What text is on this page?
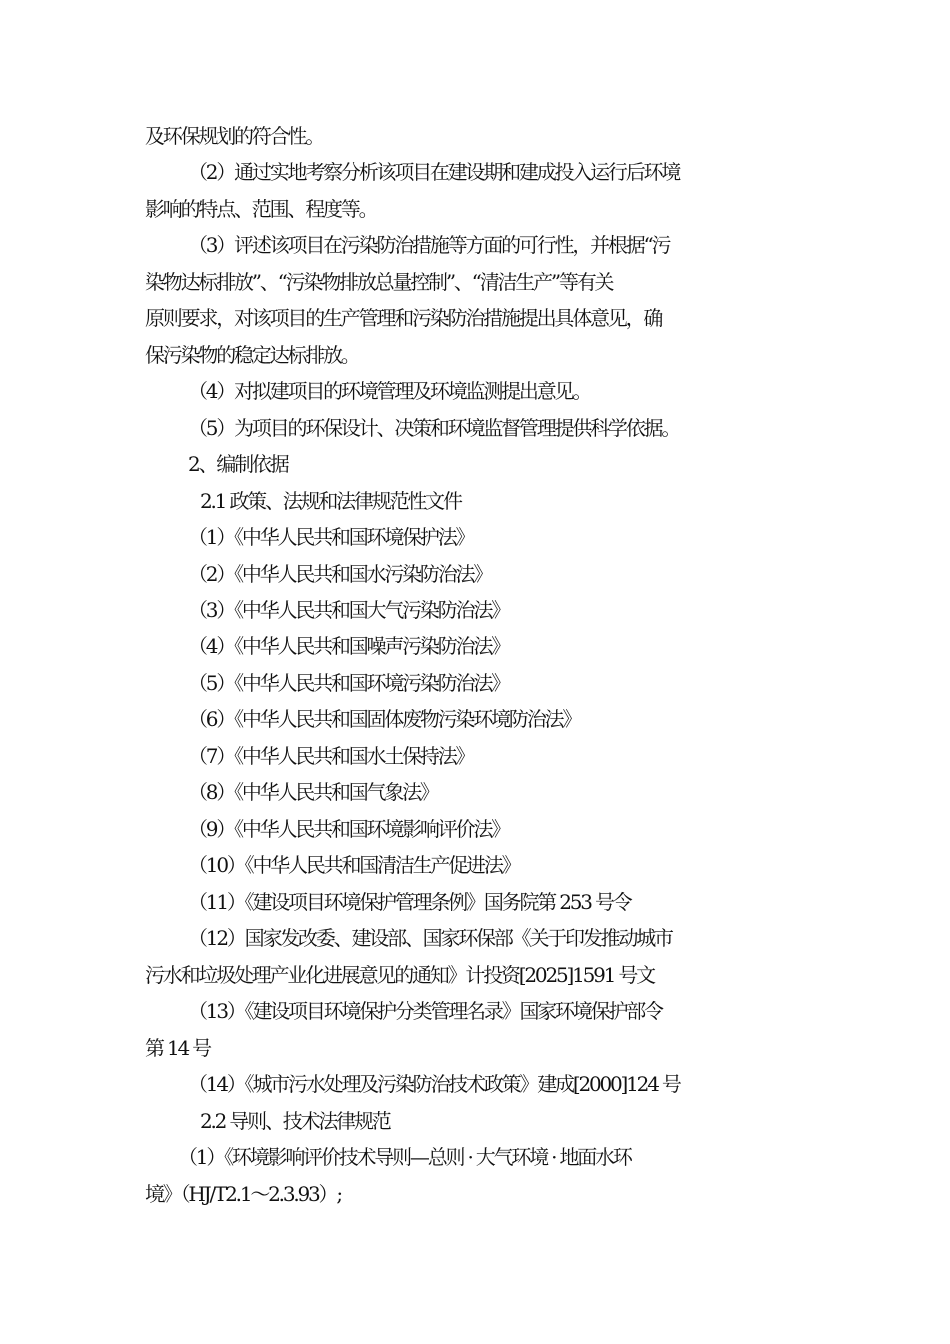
及环保规划的符合性。
（2）通过实地考察分析该项目在建设期和建成投入运行后环境
影响的特点、范围、程度等。
（3）评述该项目在污染防治措施等方面的可行性，并根据“污
染物达标排放”、“污染物排放总量控制”、“清洁生产”等有关
原则要求，对该项目的生产管理和污染防治措施提出具体意见，确
保污染物的稳定达标排放。
（4）对拟建项目的环境管理及环境监测提出意见。
（5）为项目的环保设计、决策和环境监督管理提供科学依据。
2、编制依据
2.1 政策、法规和法律规范性文件
（1）《中华人民共和国环境保护法》
（2）《中华人民共和国水污染防治法》
（3）《中华人民共和国大气污染防治法》
（4）《中华人民共和国噪声污染防治法》
（5）《中华人民共和国环境污染防治法》
（6）《中华人民共和国固体废物污染环境防治法》
（7）《中华人民共和国水土保持法》
（8）《中华人民共和国气象法》
（9）《中华人民共和国环境影响评价法》
（10）《中华人民共和国清洁生产促进法》
（11）《建设项目环境保护管理条例》国务院第 253 号令
（12）国家发改委、建设部、国家环保部《关于印发推动城市
污水和垃圾处理产业化进展意见的通知》计投资[2025]1591 号文
（13）《建设项目环境保护分类管理名录》国家环境保护部令
第 14 号
（14）《城市污水处理及污染防治技术政策》建成[2000]124 号
2.2 导则、技术法律规范
（1）《环境影响评价技术导则—总则 · 大气环境 · 地面水环
境》（HJ/T2.1～2.3.93）;
